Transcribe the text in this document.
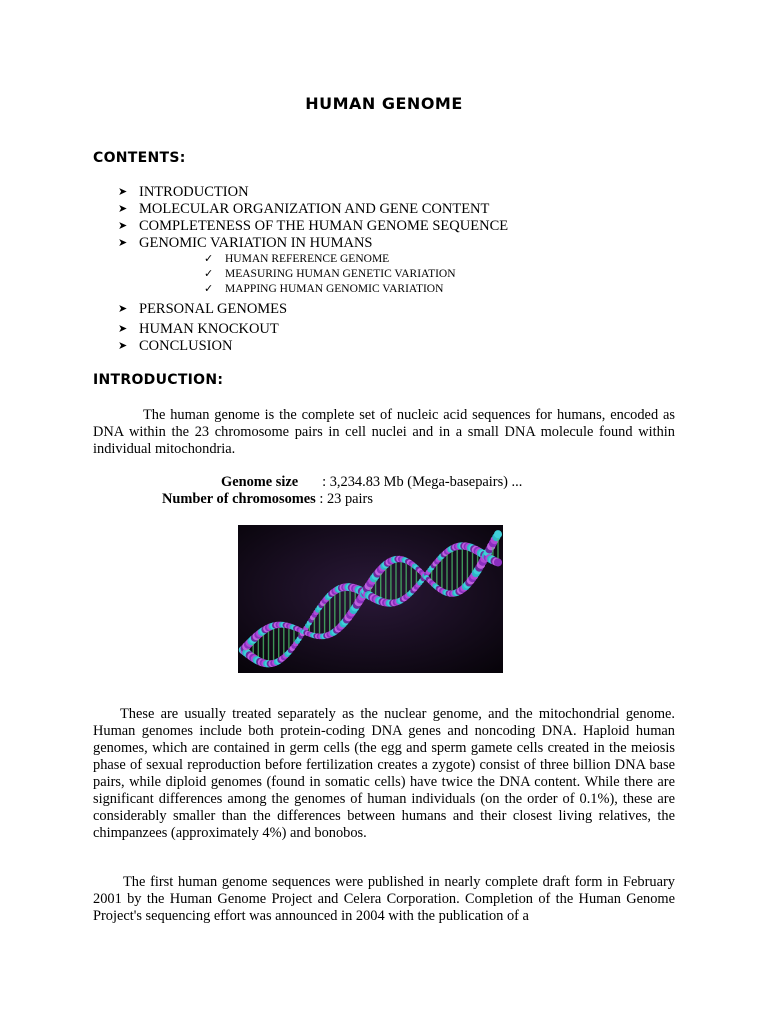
HUMAN GENOME
CONTENTS:
➤ INTRODUCTION
➤ MOLECULAR ORGANIZATION AND GENE CONTENT
➤ COMPLETENESS OF THE HUMAN GENOME SEQUENCE
➤ GENOMIC VARIATION IN HUMANS
✓ HUMAN REFERENCE GENOME
✓ MEASURING HUMAN GENETIC VARIATION
✓ MAPPING HUMAN GENOMIC VARIATION
➤ PERSONAL GENOMES
➤ HUMAN KNOCKOUT
➤ CONCLUSION
INTRODUCTION:

The human genome is the complete set of nucleic acid sequences for humans, encoded as DNA within the 23 chromosome pairs in cell nuclei and in a small DNA molecule found within individual mitochondria.

Genome size : 3,234.83 Mb (Mega-basepairs) ...
Number of chromosomes : 23 pairs

These are usually treated separately as the nuclear genome, and the mitochondrial genome. Human genomes include both protein-coding DNA genes and noncoding DNA. Haploid human genomes, which are contained in germ cells (the egg and sperm gamete cells created in the meiosis phase of sexual reproduction before fertilization creates a zygote) consist of three billion DNA base pairs, while diploid genomes (found in somatic cells) have twice the DNA content. While there are significant differences among the genomes of human individuals (on the order of 0.1%), these are considerably smaller than the differences between humans and their closest living relatives, the chimpanzees (approximately 4%) and bonobos.

The first human genome sequences were published in nearly complete draft form in February 2001 by the Human Genome Project and Celera Corporation. Completion of the Human Genome Project's sequencing effort was announced in 2004 with the publication of a
